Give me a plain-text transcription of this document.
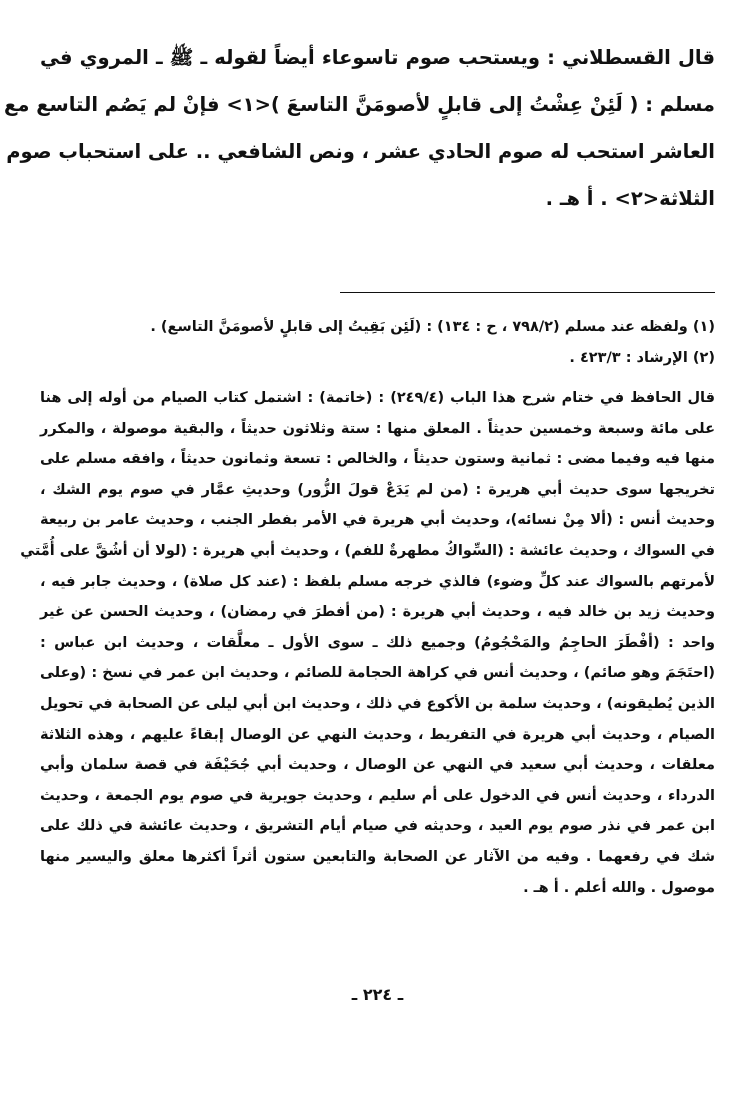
قال القسطلاني : ويستحب صوم تاسوعاء أيضاً لقوله ـ ﷺ ـ المروي في
مسلم : ( لَئِنْ عِشْتُ إلى قابلٍ لأصومَنَّ التاسعَ )<١> فإنْ لم يَصُم التاسع مع
العاشر استحب له صوم الحادي عشر ، ونص الشافعي .. على استحباب صوم
الثلاثة<٢> . أ هـ .
(١) ولفظه عند مسلم (٧٩٨/٢ ، ح : ١٣٤) : (لَئِن بَقِيتُ إلى قابلٍ لأصومَنَّ التاسع) .
(٢) الإرشاد : ٤٢٣/٣ .
قال الحافظ في ختام شرح هذا الباب (٢٤٩/٤) : (خاتمة) : اشتمل كتاب الصيام من أوله إلى هنا
على مائة وسبعة وخمسين حديثاً . المعلق منها : ستة وثلاثون حديثاً ، والبقية موصولة ، والمكرر
منها فيه وفيما مضى : ثمانية وستون حديثاً ، والخالص : تسعة وثمانون حديثاً ، وافقه مسلم على
تخريجها سوى حديث أبي هريرة : (من لم يَدَعْ قولَ الزُّور) وحديثِ عمَّار في صوم يوم الشك ،
وحديث أنس : (ألا مِنْ نسائه)، وحديث أبي هريرة في الأمر بفطر الجنب ، وحديث عامر بن ربيعة
في السواك ، وحديث عائشة : (السِّواكُ مطهرةٌ للفم) ، وحديث أبي هريرة : (لولا أن أشُقَّ على أُمَّتي
لأمرتهم بالسواك عند كلِّ وضوء) فالذي خرجه مسلم بلفظ : (عند كل صلاة) ، وحديث جابر فيه ،
وحديث زيد بن خالد فيه ، وحديث أبي هريرة : (من أفطرَ في رمضان) ، وحديث الحسن عن غير
واحد : (أفْطَرَ الحاجِمُ والمَحْجُومُ) وجميع ذلك ـ سوى الأول ـ معلَّقات ، وحديث ابن عباس :
(احتَجَمَ وهو صائم) ، وحديث أنس في كراهة الحجامة للصائم ، وحديث ابن عمر في نسخ : (وعلى
الذين يُطيقونه) ، وحديث سلمة بن الأكوع في ذلك ، وحديث ابن أبي ليلى عن الصحابة في تحويل
الصيام ، وحديث أبي هريرة في التفريط ، وحديث النهي عن الوصال إبقاءً عليهم ، وهذه الثلاثة
معلقات ، وحديث أبي سعيد في النهي عن الوصال ، وحديث أبي جُحَيْفَة في قصة سلمان وأبي
الدرداء ، وحديث أنس في الدخول على أم سليم ، وحديث جويرية في صوم يوم الجمعة ، وحديث
ابن عمر في نذر صوم يوم العيد ، وحديثه في صيام أيام التشريق ، وحديث عائشة في ذلك على
شك في رفعهما . وفيه من الآثار عن الصحابة والتابعين ستون أثراً أكثرها معلق واليسير منها
موصول . والله أعلم . أ هـ .
ـ ٢٢٤ ـ
